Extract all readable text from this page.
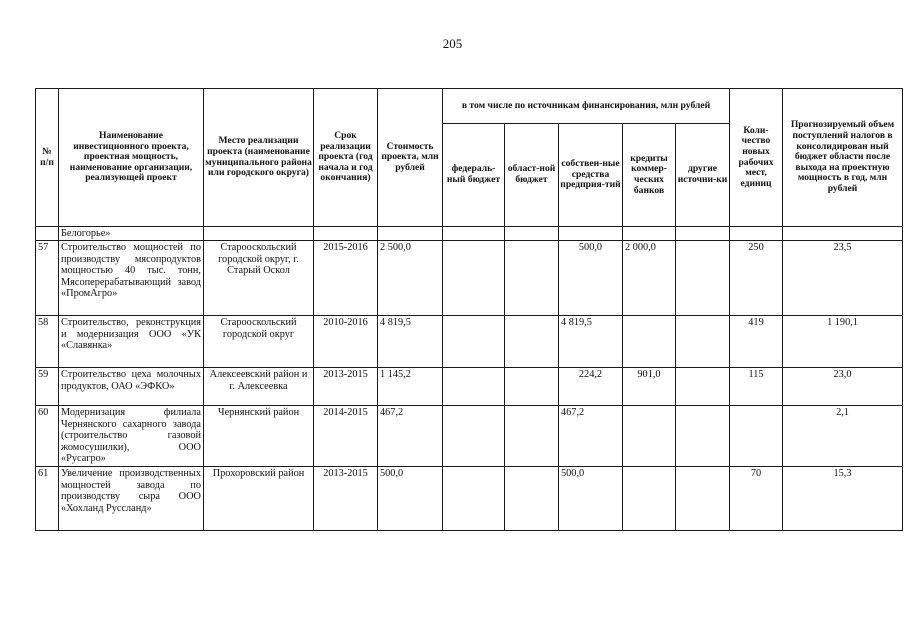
205
№ п/п	Наименование инвестиционного проекта, проектная мощность, наименование организации, реализующей проект	Место реализации проекта (наименование муниципального района или городского округа)	Срок реализации проекта (год начала и год окончания)	Стоимость проекта, млн рублей	в том числе по источникам финансирования, млн рублей					Коли-чество новых рабочих мест, единиц	Прогнозируемый объем поступлений налогов в консолидирован ный бюджет области после выхода на проектную мощность в год, млн рублей
					федераль-ный бюджет	област-ной бюджет	собствен-ные средства предприя-тий	кредиты коммер-ческих банков	другие источни-ки		
	Белогорье»										
57	Строительство мощностей по производству мясопродуктов мощностью 40 тыс. тонн, Мясоперерабатывающий завод «ПромАгро»	Старооскольский городской округ, г. Старый Оскол	2015-2016	2 500,0			500,0	2 000,0		250	23,5
58	Строительство, реконструкция и модернизация ООО «УК «Славянка»	Старооскольский городской округ	2010-2016	4 819,5			4 819,5			419	1 190,1
59	Строительство цеха молочных продуктов, ОАО «ЭФКО»	Алексеевский район и г. Алексеевка	2013-2015	1 145,2			224,2	901,0		115	23,0
60	Модернизация филиала Чернянского сахарного завода (строительство газовой жомосушилки), ООО «Русагро»	Чернянский район	2014-2015	467,2			467,2				2,1
61	Увеличение производственных мощностей завода по производству сыра ООО «Хохланд Руссланд»	Прохоровский район	2013-2015	500,0			500,0			70	15,3
